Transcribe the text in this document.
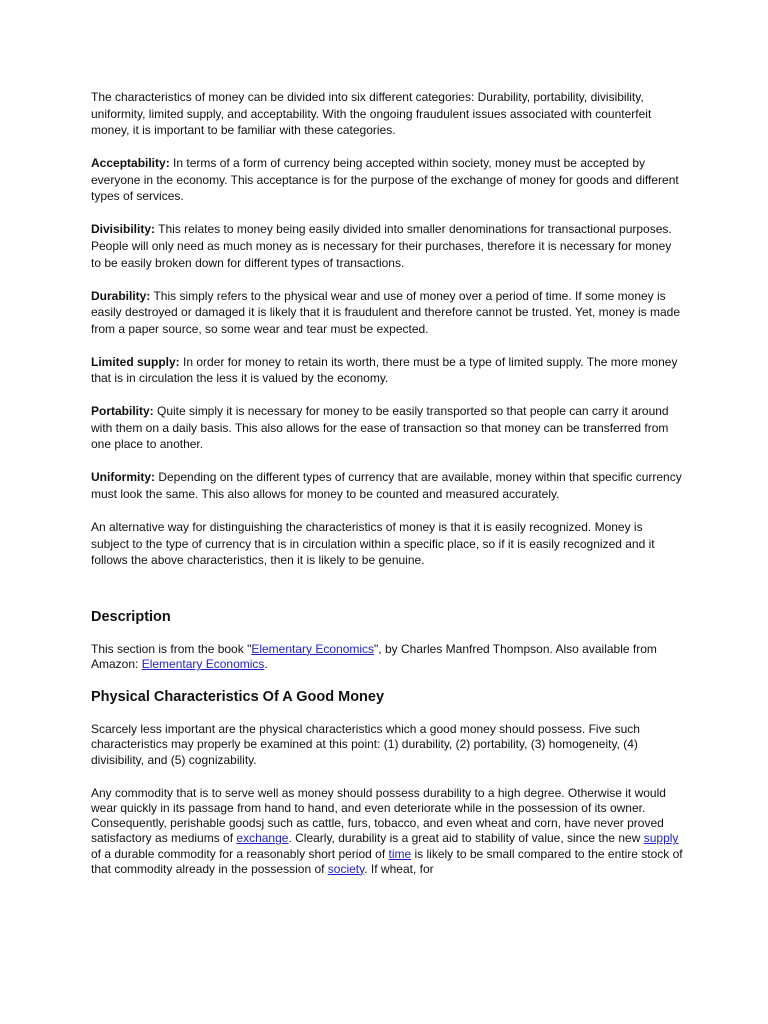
The characteristics of money can be divided into six different categories: Durability, portability, divisibility, uniformity, limited supply, and acceptability. With the ongoing fraudulent issues associated with counterfeit money, it is important to be familiar with these categories.

Acceptability: In terms of a form of currency being accepted within society, money must be accepted by everyone in the economy. This acceptance is for the purpose of the exchange of money for goods and different types of services.

Divisibility: This relates to money being easily divided into smaller denominations for transactional purposes. People will only need as much money as is necessary for their purchases, therefore it is necessary for money to be easily broken down for different types of transactions.

Durability: This simply refers to the physical wear and use of money over a period of time. If some money is easily destroyed or damaged it is likely that it is fraudulent and therefore cannot be trusted. Yet, money is made from a paper source, so some wear and tear must be expected.

Limited supply: In order for money to retain its worth, there must be a type of limited supply. The more money that is in circulation the less it is valued by the economy.

Portability: Quite simply it is necessary for money to be easily transported so that people can carry it around with them on a daily basis. This also allows for the ease of transaction so that money can be transferred from one place to another.

Uniformity: Depending on the different types of currency that are available, money within that specific currency must look the same. This also allows for money to be counted and measured accurately.

An alternative way for distinguishing the characteristics of money is that it is easily recognized. Money is subject to the type of currency that is in circulation within a specific place, so if it is easily recognized and it follows the above characteristics, then it is likely to be genuine.

Description

This section is from the book "Elementary Economics", by Charles Manfred Thompson. Also available from Amazon: Elementary Economics.

Physical Characteristics Of A Good Money

Scarcely less important are the physical characteristics which a good money should possess. Five such characteristics may properly be examined at this point: (1) durability, (2) portability, (3) homogeneity, (4) divisibility, and (5) cognizability.

Any commodity that is to serve well as money should possess durability to a high degree. Otherwise it would wear quickly in its passage from hand to hand, and even deteriorate while in the possession of its owner. Consequently, perishable goodsj such as cattle, furs, tobacco, and even wheat and corn, have never proved satisfactory as mediums of exchange. Clearly, durability is a great aid to stability of value, since the new supply of a durable commodity for a reasonably short period of time is likely to be small compared to the entire stock of that commodity already in the possession of society. If wheat, for
